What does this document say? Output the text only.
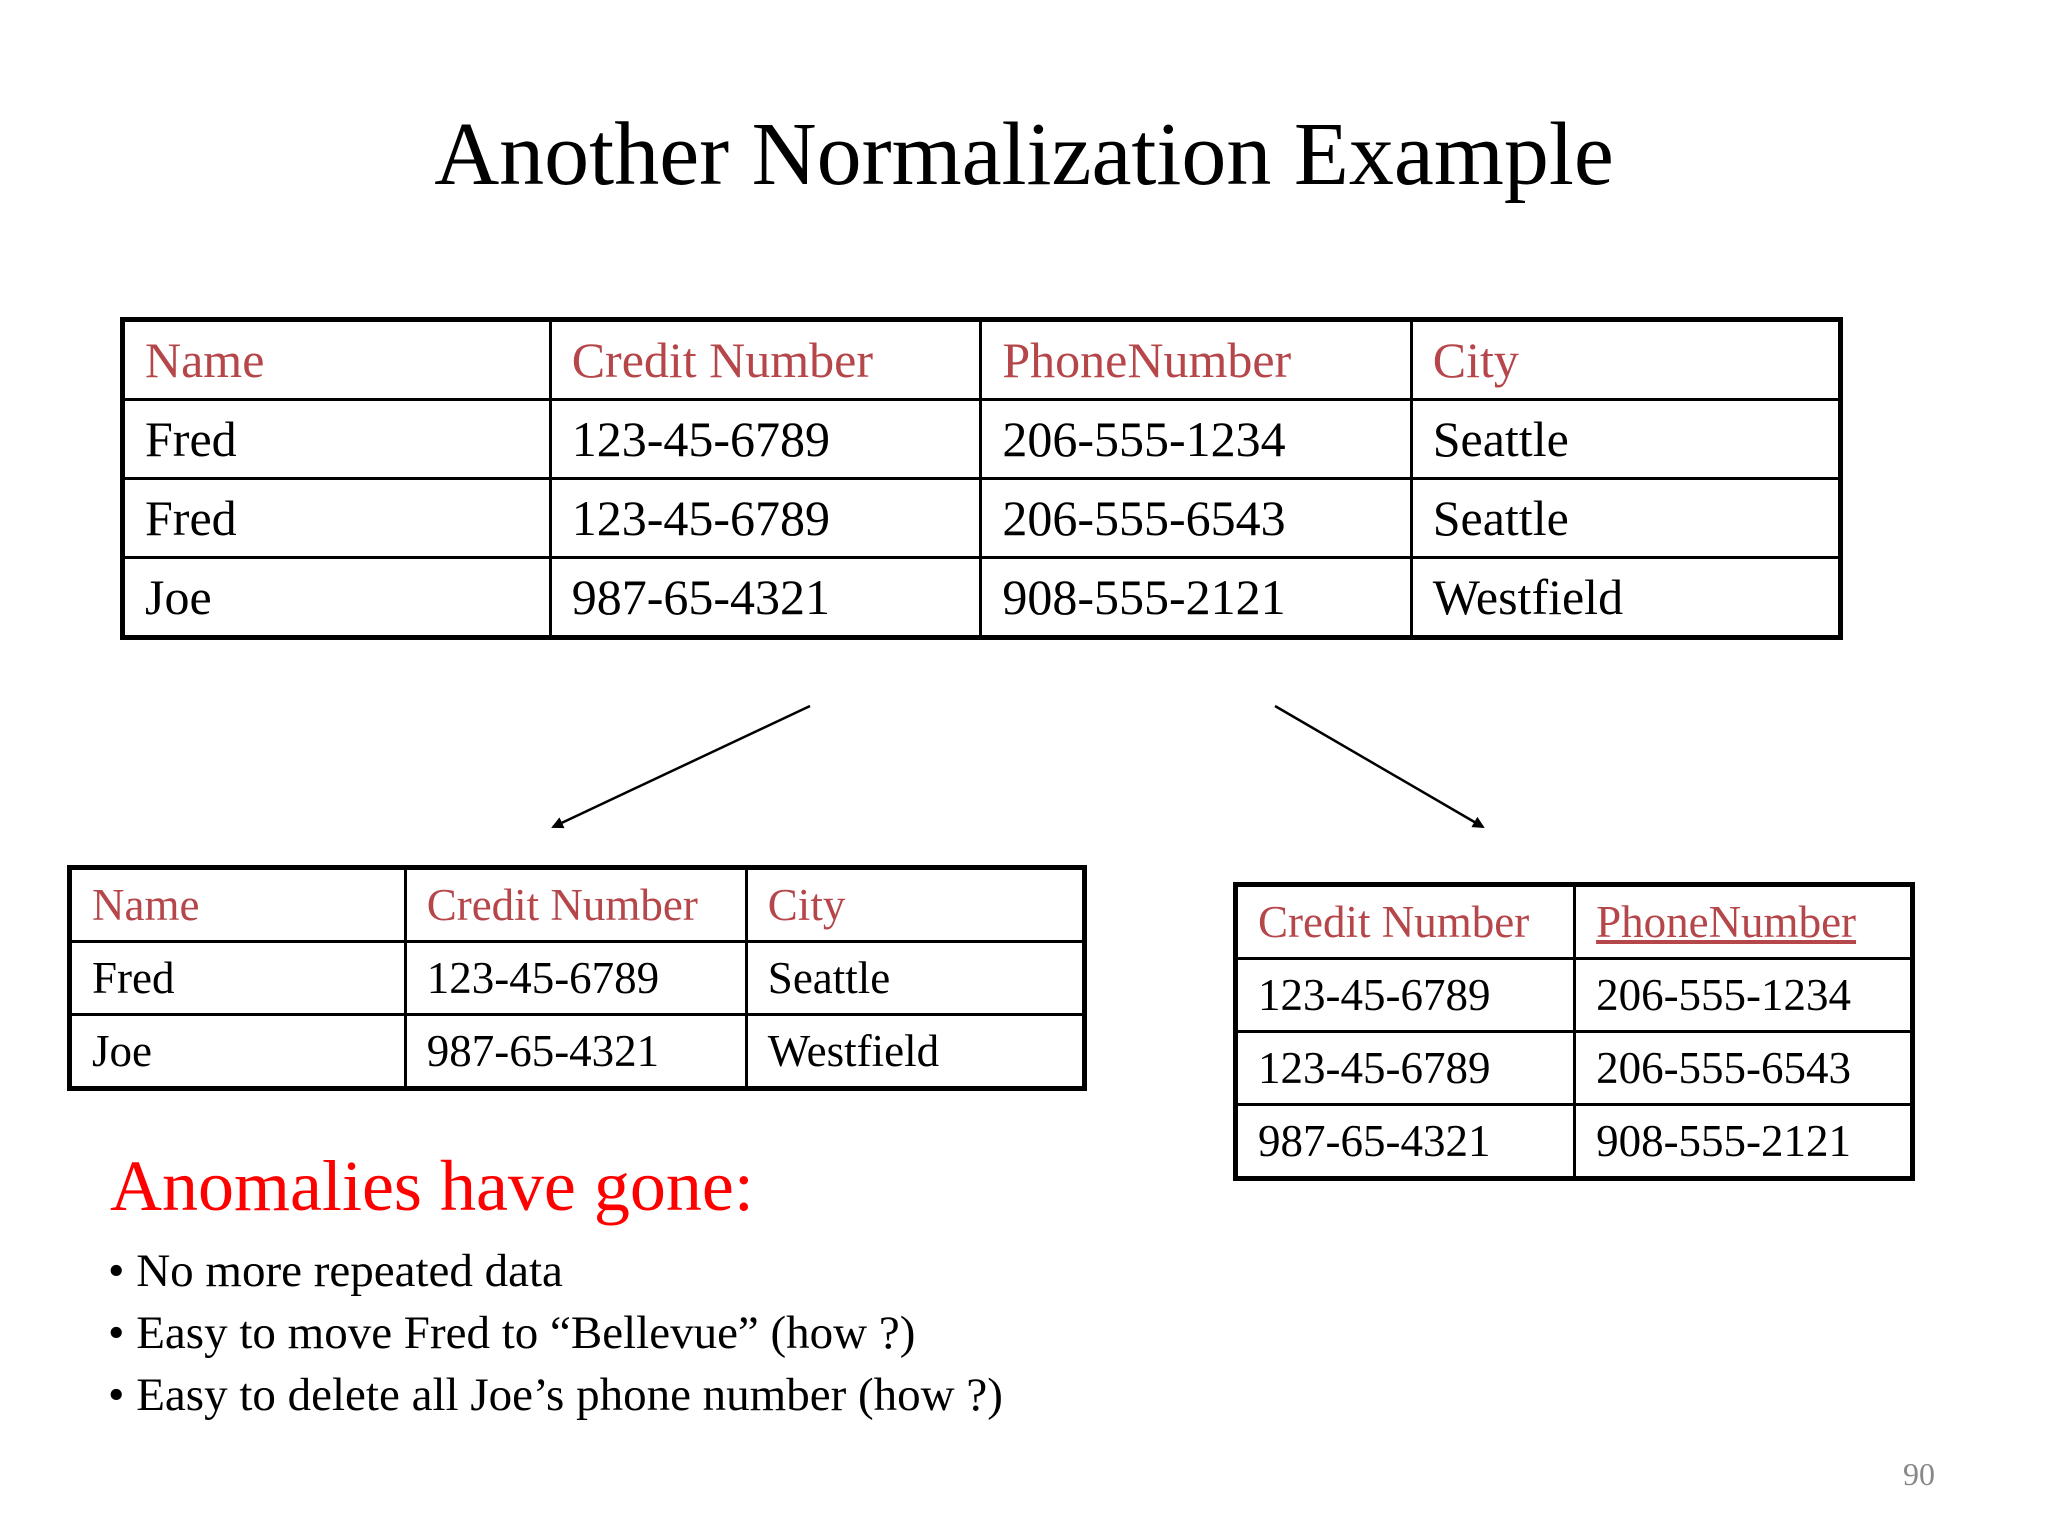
Another Normalization Example
Name	Credit Number	PhoneNumber	City
Fred	123-45-6789	206-555-1234	Seattle
Fred	123-45-6789	206-555-6543	Seattle
Joe	987-65-4321	908-555-2121	Westfield
Name	Credit Number	City
Fred	123-45-6789	Seattle
Joe	987-65-4321	Westfield
Credit Number	PhoneNumber
123-45-6789	206-555-1234
123-45-6789	206-555-6543
987-65-4321	908-555-2121
Anomalies have gone:
• No more repeated data
• Easy to move Fred to “Bellevue” (how ?)
• Easy to delete all Joe’s phone number (how ?)
90
